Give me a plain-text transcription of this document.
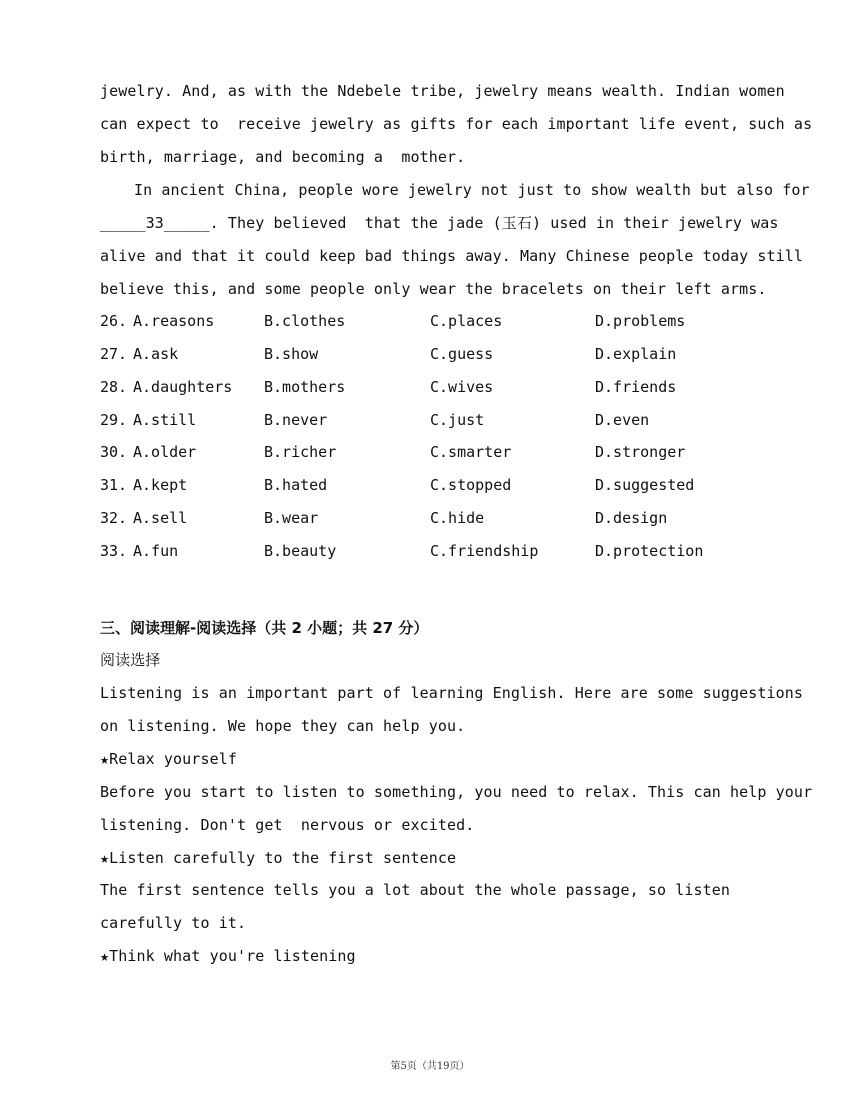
jewelry. And, as with the Ndebele tribe, jewelry means wealth. Indian women
can expect to  receive jewelry as gifts for each important life event, such as
birth, marriage, and becoming a  mother.
In ancient China, people wore jewelry not just to show wealth but also for
_____33_____. They believed  that the jade (玉石) used in their jewelry was
alive and that it could keep bad things away. Many Chinese people today still
believe this, and some people only wear the bracelets on their left arms.
26. A.reasons	B.clothes	C.places	D.problems
27. A.ask	B.show	C.guess	D.explain
28. A.daughters B.mothers	C.wives	D.friends
29. A.still	B.never	C.just	D.even
30. A.older	B.richer	C.smarter	D.stronger
31. A.kept	B.hated	C.stopped	D.suggested
32. A.sell	B.wear	C.hide	D.design
33. A.fun	B.beauty	C.friendship	D.protection
三、阅读理解-阅读选择（共 2 小题；共 27 分）
阅读选择
Listening is an important part of learning English. Here are some suggestions
on listening. We hope they can help you.
★Relax yourself
Before you start to listen to something, you need to relax. This can help your
listening. Don't get  nervous or excited.
★Listen carefully to the first sentence
The first sentence tells you a lot about the whole passage, so listen
carefully to it.
★Think what you're listening
第5页（共19页）
